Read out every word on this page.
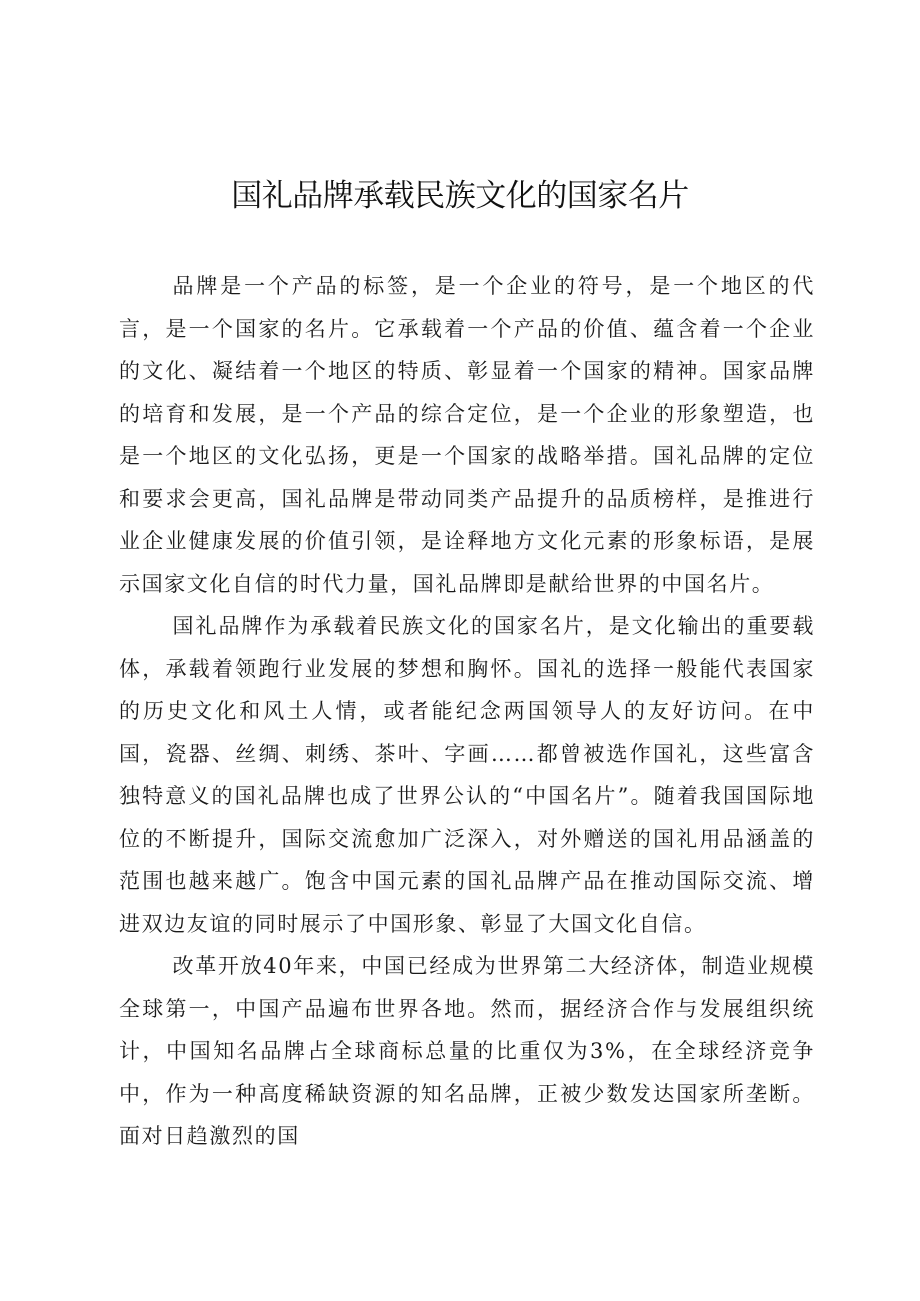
国礼品牌承载民族文化的国家名片

品牌是一个产品的标签，是一个企业的符号，是一个地区的代言，是一个国家的名片。它承载着一个产品的价值、蕴含着一个企业的文化、凝结着一个地区的特质、彰显着一个国家的精神。国家品牌的培育和发展，是一个产品的综合定位，是一个企业的形象塑造，也是一个地区的文化弘扬，更是一个国家的战略举措。国礼品牌的定位和要求会更高，国礼品牌是带动同类产品提升的品质榜样，是推进行业企业健康发展的价值引领，是诠释地方文化元素的形象标语，是展示国家文化自信的时代力量，国礼品牌即是献给世界的中国名片。

国礼品牌作为承载着民族文化的国家名片，是文化输出的重要载体，承载着领跑行业发展的梦想和胸怀。国礼的选择一般能代表国家的历史文化和风土人情，或者能纪念两国领导人的友好访问。在中国，瓷器、丝绸、刺绣、茶叶、字画……都曾被选作国礼，这些富含独特意义的国礼品牌也成了世界公认的“中国名片”。随着我国国际地位的不断提升，国际交流愈加广泛深入，对外赠送的国礼用品涵盖的范围也越来越广。饱含中国元素的国礼品牌产品在推动国际交流、增进双边友谊的同时展示了中国形象、彰显了大国文化自信。

改革开放40年来，中国已经成为世界第二大经济体，制造业规模全球第一，中国产品遍布世界各地。然而，据经济合作与发展组织统计，中国知名品牌占全球商标总量的比重仅为3%，在全球经济竞争中，作为一种高度稀缺资源的知名品牌，正被少数发达国家所垄断。面对日趋激烈的国
